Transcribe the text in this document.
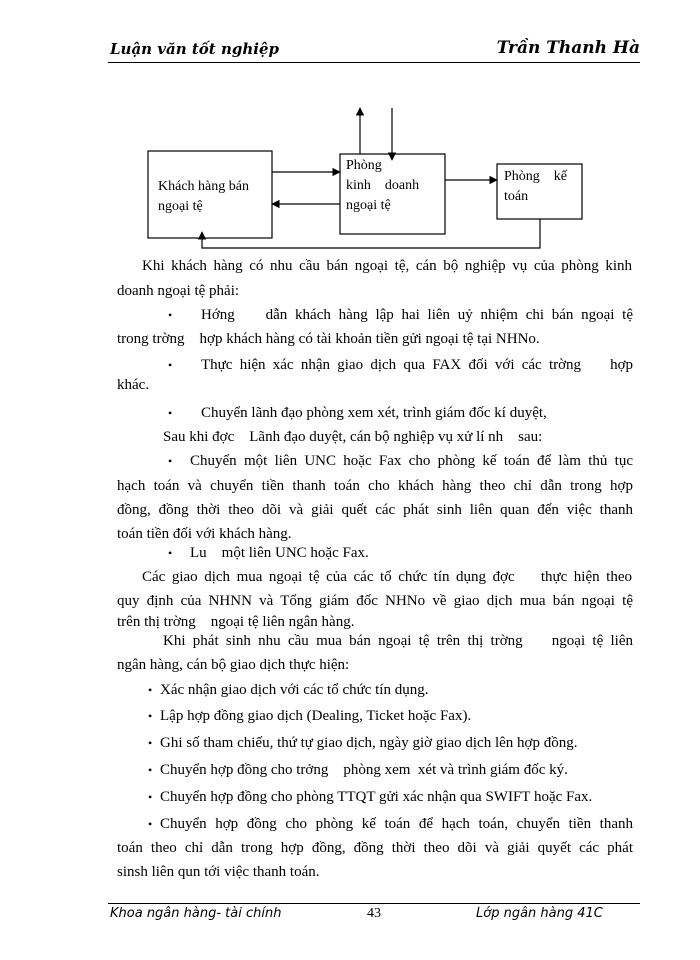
Luận văn tốt nghiệp	Trần Thanh Hà
Khách hàng bán
ngoại tệ
Phòng
kinh    doanh
ngoại tệ
Phòng    kế
toán
Khi khách hàng có nhu cầu bán ngoại tệ, cán bộ nghiệp vụ của phòng kinh
doanh ngoại tệ phải:
• Hớng    dẫn khách hàng lập hai liên uỷ nhiệm chi bán ngoại tệ
trong trờng    hợp khách hàng có tài khoản tiền gửi ngoại tệ tại NHNo.
• Thực hiện xác nhận giao dịch qua FAX đối với các trờng    hợp
khác.
• Chuyển lãnh đạo phòng xem xét, trình giám đốc kí duyệt,
Sau khi đợc    Lãnh đạo duyệt, cán bộ nghiệp vụ xử lí nh    sau:
• Chuyển một liên UNC hoặc Fax cho phòng kế toán để làm thủ tục
hạch toán và chuyển tiền thanh toán cho khách hàng theo chỉ dẫn trong hợp
đồng, đồng thời theo dõi và giải quết các phát sinh liên quan đến việc thanh
toán tiền đối với khách hàng.
• Lu    một liên UNC hoặc Fax.
Các giao dịch mua ngoại tệ của các tổ chức tín dụng đợc    thực hiện theo
quy định của NHNN và Tổng giám đốc NHNo về giao dịch mua bán ngoại tệ
trên thị trờng    ngoại tệ liên ngân hàng.
Khi phát sinh nhu cầu mua bán ngoại tệ trên thị trờng    ngoại tệ liên
ngân hàng, cán bộ giao dịch thực hiện:
• Xác nhận giao dịch với các tổ chức tín dụng.
• Lập hợp đồng giao dịch (Dealing, Ticket hoặc Fax).
• Ghi số tham chiếu, thứ tự giao dịch, ngày giờ giao dịch lên hợp đồng.
• Chuyển hợp đồng cho trởng    phòng xem  xét và trình giám đốc ký.
• Chuyển hợp đồng cho phòng TTQT gửi xác nhận qua SWIFT hoặc Fax.
• Chuyển hợp đồng cho phòng kế toán để hạch toán, chuyển tiền thanh
toán theo chỉ dẫn trong hợp đồng, đồng thời theo dõi và giải quyết các phát
sinsh liên qun tới việc thanh toán.
Khoa ngân hàng- tài chính	43	Lớp ngân hàng 41C
